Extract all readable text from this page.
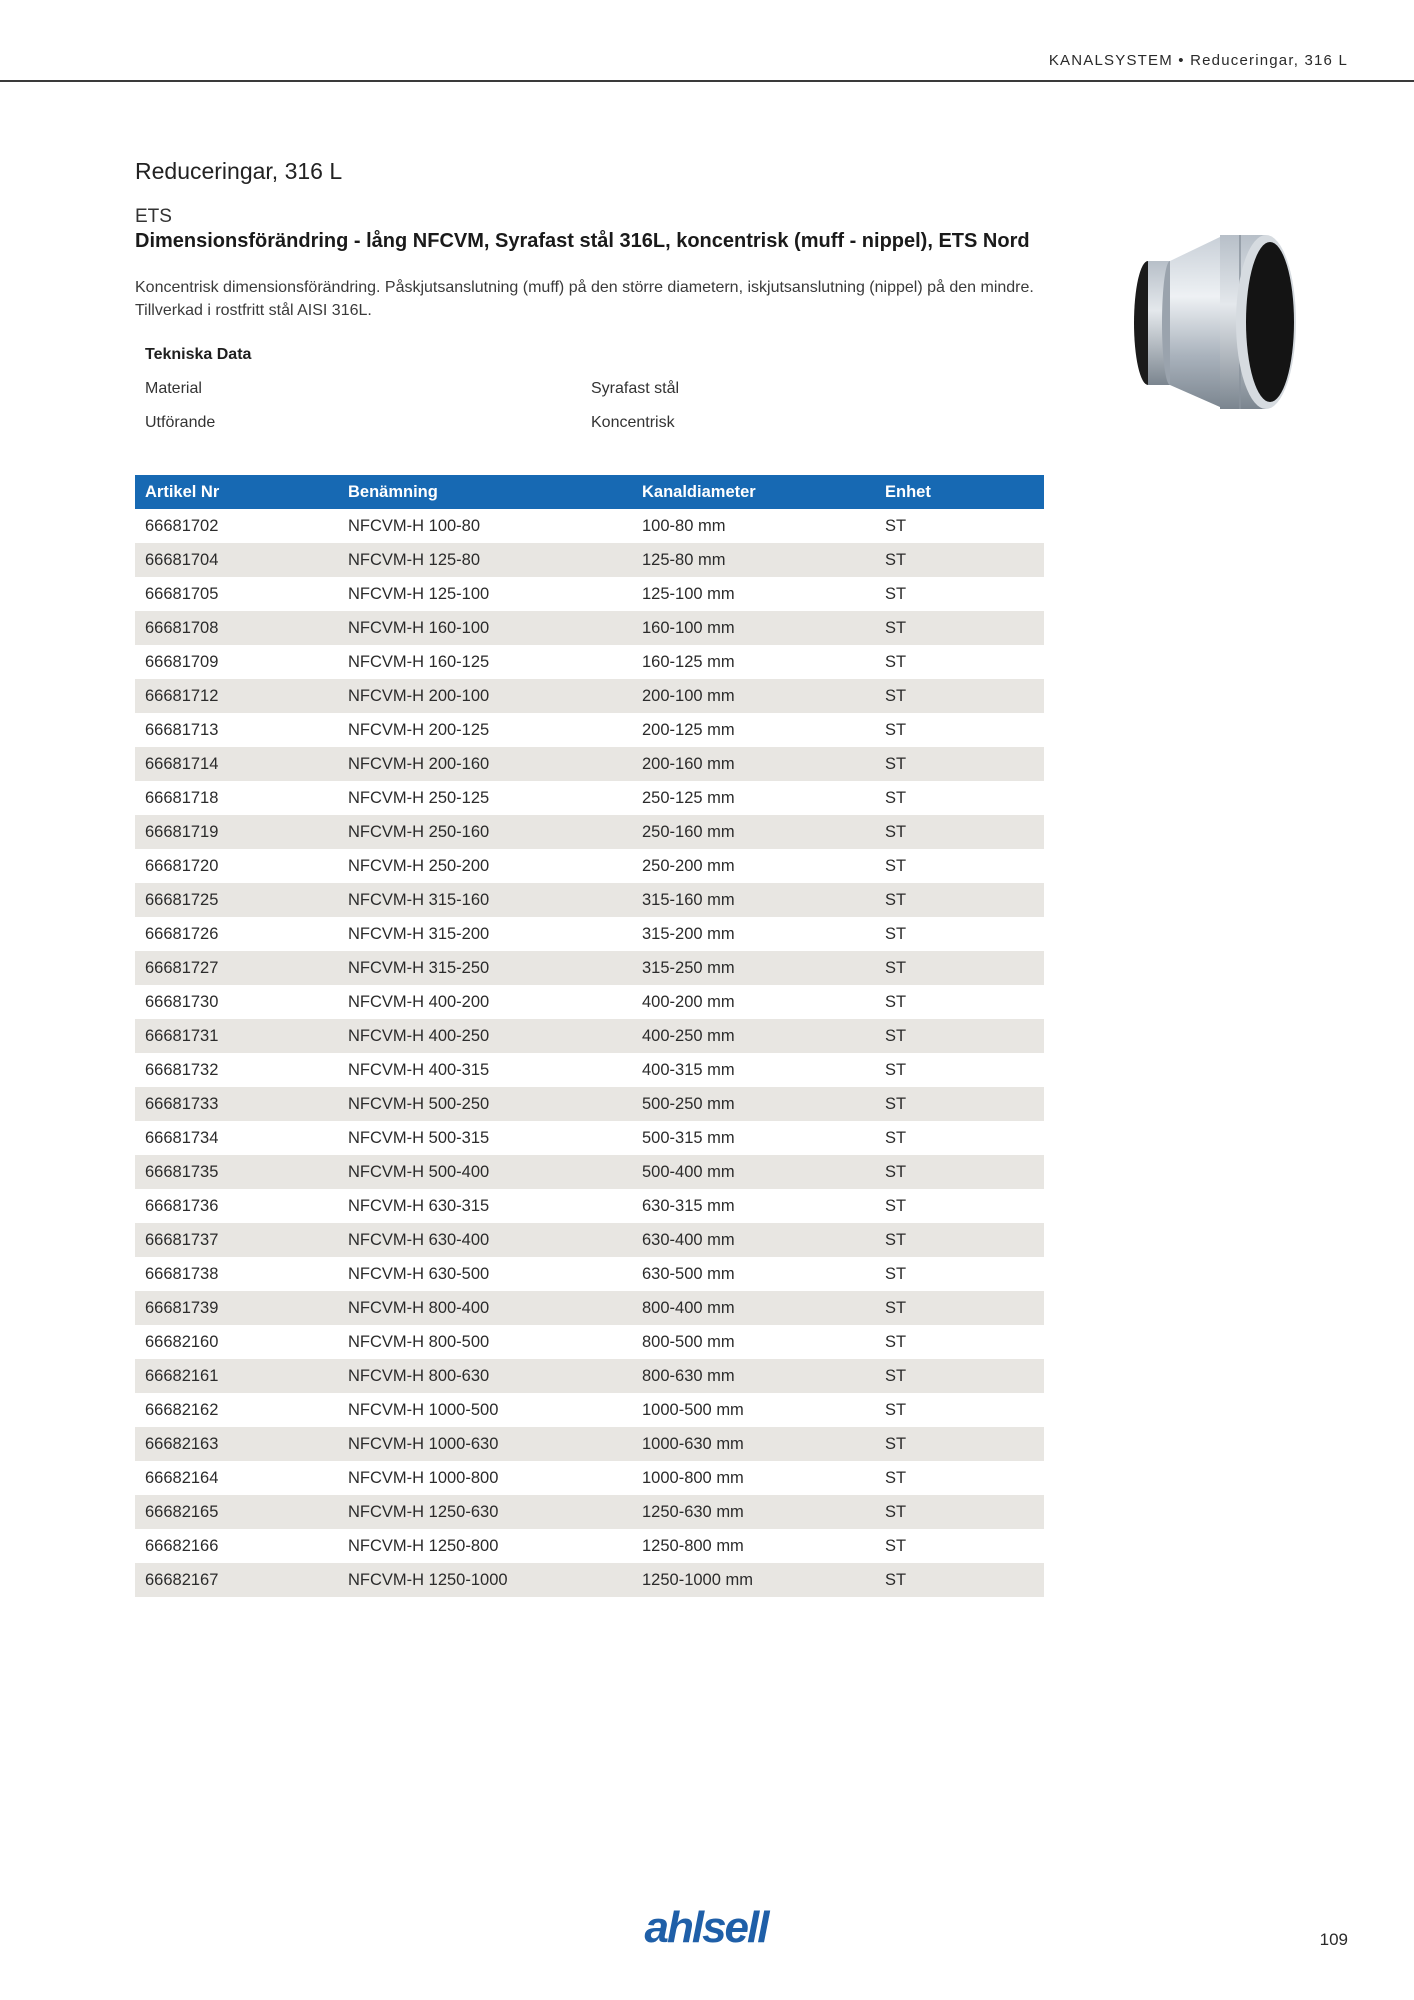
KANALSYSTEM • Reduceringar, 316 L
Reduceringar, 316 L
ETS
Dimensionsförändring - lång NFCVM, Syrafast stål 316L, koncentrisk (muff - nippel), ETS Nord
Koncentrisk dimensionsförändring. Påskjutsanslutning (muff) på den större diametern, iskjutsanslutning (nippel) på den mindre. Tillverkad i rostfritt stål AISI 316L.
Tekniska Data
Material	Syrafast stål
Utförande	Koncentrisk
Artikel Nr	Benämning	Kanaldiameter	Enhet
66681702	NFCVM-H 100-80	100-80 mm	ST
66681704	NFCVM-H 125-80	125-80 mm	ST
66681705	NFCVM-H 125-100	125-100 mm	ST
66681708	NFCVM-H 160-100	160-100 mm	ST
66681709	NFCVM-H 160-125	160-125 mm	ST
66681712	NFCVM-H 200-100	200-100 mm	ST
66681713	NFCVM-H 200-125	200-125 mm	ST
66681714	NFCVM-H 200-160	200-160 mm	ST
66681718	NFCVM-H 250-125	250-125 mm	ST
66681719	NFCVM-H 250-160	250-160 mm	ST
66681720	NFCVM-H 250-200	250-200 mm	ST
66681725	NFCVM-H 315-160	315-160 mm	ST
66681726	NFCVM-H 315-200	315-200 mm	ST
66681727	NFCVM-H 315-250	315-250 mm	ST
66681730	NFCVM-H 400-200	400-200 mm	ST
66681731	NFCVM-H 400-250	400-250 mm	ST
66681732	NFCVM-H 400-315	400-315 mm	ST
66681733	NFCVM-H 500-250	500-250 mm	ST
66681734	NFCVM-H 500-315	500-315 mm	ST
66681735	NFCVM-H 500-400	500-400 mm	ST
66681736	NFCVM-H 630-315	630-315 mm	ST
66681737	NFCVM-H 630-400	630-400 mm	ST
66681738	NFCVM-H 630-500	630-500 mm	ST
66681739	NFCVM-H 800-400	800-400 mm	ST
66682160	NFCVM-H 800-500	800-500 mm	ST
66682161	NFCVM-H 800-630	800-630 mm	ST
66682162	NFCVM-H 1000-500	1000-500 mm	ST
66682163	NFCVM-H 1000-630	1000-630 mm	ST
66682164	NFCVM-H 1000-800	1000-800 mm	ST
66682165	NFCVM-H 1250-630	1250-630 mm	ST
66682166	NFCVM-H 1250-800	1250-800 mm	ST
66682167	NFCVM-H 1250-1000	1250-1000 mm	ST
ahlsell	109
